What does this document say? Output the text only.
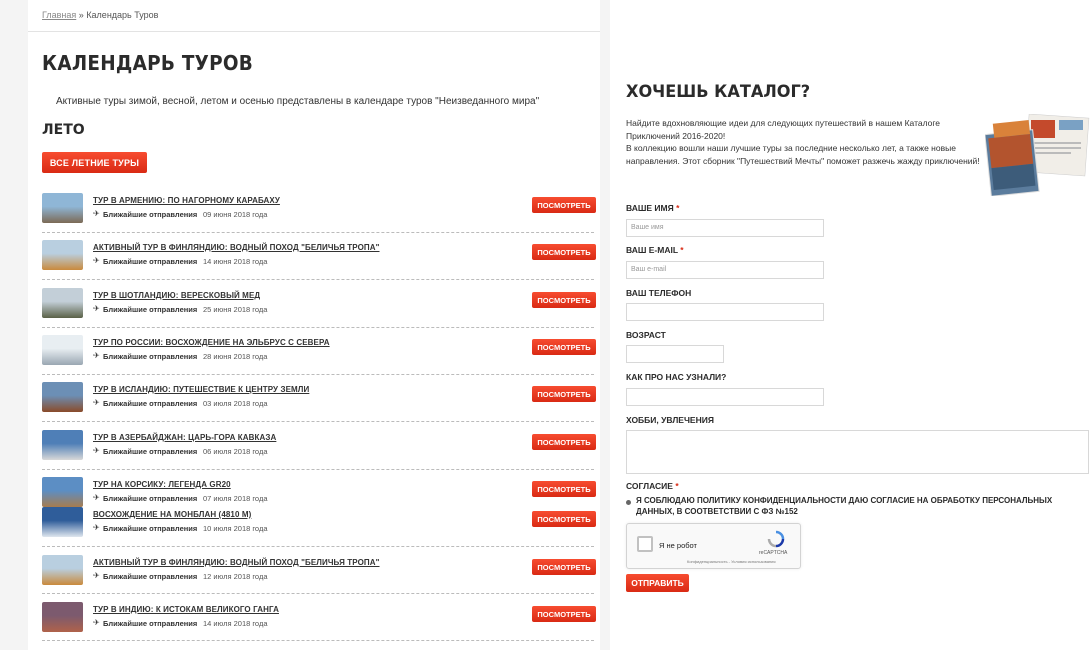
Главная » Календарь Туров
КАЛЕНДАРЬ ТУРОВ
Активные туры зимой, весной, летом и осенью представлены в календаре туров "Неизведанного мира"
ЛЕТО
ВСЕ ЛЕТНИЕ ТУРЫ
ТУР В АРМЕНИЮ: ПО НАГОРНОМУ КАРАБАХУ
✈ Ближайшие отправления 09 июня 2018 года
ПОСМОТРЕТЬ
АКТИВНЫЙ ТУР В ФИНЛЯНДИЮ: ВОДНЫЙ ПОХОД "БЕЛИЧЬЯ ТРОПА"
✈ Ближайшие отправления 14 июня 2018 года
ПОСМОТРЕТЬ
ТУР В ШОТЛАНДИЮ: ВЕРЕСКОВЫЙ МЕД
✈ Ближайшие отправления 25 июня 2018 года
ПОСМОТРЕТЬ
ТУР ПО РОССИИ: ВОСХОЖДЕНИЕ НА ЭЛЬБРУС С СЕВЕРА
✈ Ближайшие отправления 28 июня 2018 года
ПОСМОТРЕТЬ
ТУР В ИСЛАНДИЮ: ПУТЕШЕСТВИЕ К ЦЕНТРУ ЗЕМЛИ
✈ Ближайшие отправления 03 июля 2018 года
ПОСМОТРЕТЬ
ТУР В АЗЕРБАЙДЖАН: ЦАРЬ-ГОРА КАВКАЗА
✈ Ближайшие отправления 06 июля 2018 года
ПОСМОТРЕТЬ
ТУР НА КОРСИКУ: ЛЕГЕНДА GR20
✈ Ближайшие отправления 07 июля 2018 года
ПОСМОТРЕТЬ
ВОСХОЖДЕНИЕ НА МОНБЛАН (4810 М)
✈ Ближайшие отправления 10 июля 2018 года
ПОСМОТРЕТЬ
АКТИВНЫЙ ТУР В ФИНЛЯНДИЮ: ВОДНЫЙ ПОХОД "БЕЛИЧЬЯ ТРОПА"
✈ Ближайшие отправления 12 июля 2018 года
ПОСМОТРЕТЬ
ТУР В ИНДИЮ: К ИСТОКАМ ВЕЛИКОГО ГАНГА
✈ Ближайшие отправления 14 июля 2018 года
ПОСМОТРЕТЬ
ХОЧЕШЬ КАТАЛОГ?
Найдите вдохновляющие идеи для следующих путешествий в нашем Каталоге Приключений 2016-2020!
В коллекцию вошли наши лучшие туры за последние несколько лет, а также новые направления. Этот сборник "Путешествий Мечты" поможет разжечь жажду приключений!
ВАШЕ ИМЯ *
Ваше имя
ВАШ E-MAIL *
Ваш e-mail
ВАШ ТЕЛЕФОН
ВОЗРАСТ
КАК ПРО НАС УЗНАЛИ?
ХОББИ, УВЛЕЧЕНИЯ
СОГЛАСИЕ *
Я СОБЛЮДАЮ ПОЛИТИКУ КОНФИДЕНЦИАЛЬНОСТИ ДАЮ СОГЛАСИЕ НА ОБРАБОТКУ ПЕРСОНАЛЬНЫХ ДАННЫХ, В СООТВЕТСТВИИ С ФЗ №152
Я не робот
reCAPTCHA
Конфиденциальность - Условия использования
ОТПРАВИТЬ
